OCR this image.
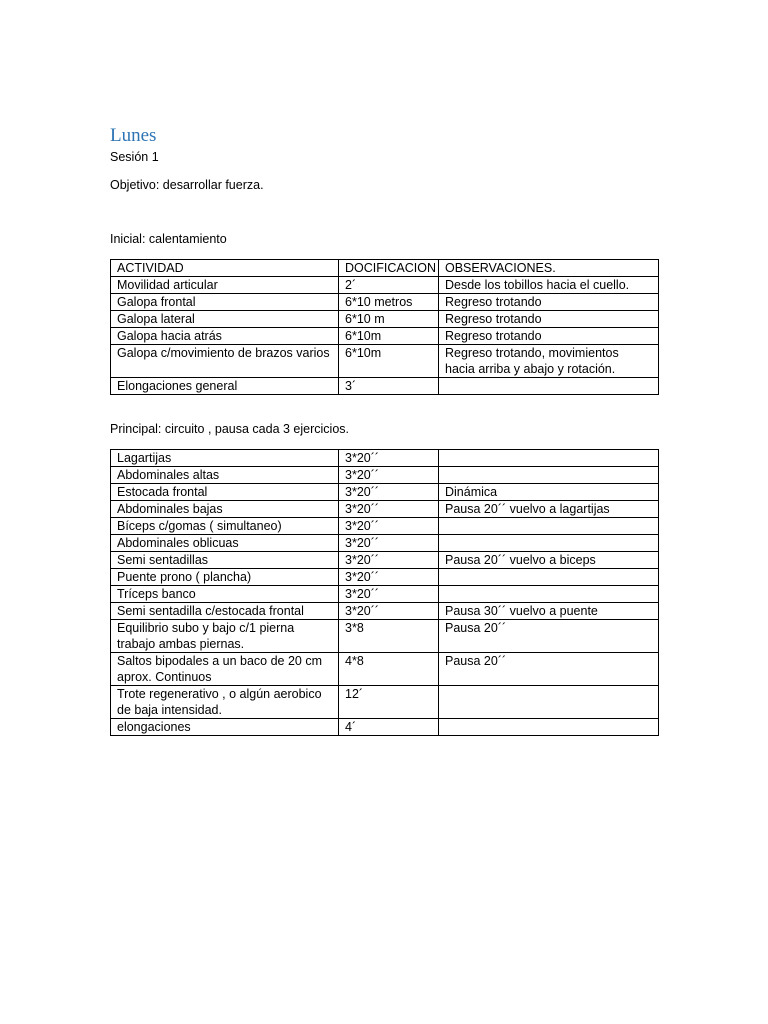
Lunes
Sesión 1
Objetivo: desarrollar fuerza.
Inicial: calentamiento
ACTIVIDAD	DOCIFICACION	OBSERVACIONES.
Movilidad articular	2´	Desde los tobillos hacia el cuello.
Galopa frontal	6*10 metros	Regreso trotando
Galopa lateral	6*10 m	Regreso trotando
Galopa hacia atrás	6*10m	Regreso trotando
Galopa c/movimiento de brazos varios	6*10m	Regreso trotando, movimientos hacia arriba y abajo y rotación.
Elongaciones general	3´	
Principal: circuito , pausa cada 3 ejercicios.
Lagartijas	3*20´´	
Abdominales altas	3*20´´	
Estocada frontal	3*20´´	Dinámica
Abdominales bajas	3*20´´	Pausa 20´´ vuelvo a lagartijas
Bíceps c/gomas ( simultaneo)	3*20´´	
Abdominales oblicuas	3*20´´	
Semi sentadillas	3*20´´	Pausa 20´´ vuelvo a biceps
Puente prono ( plancha)	3*20´´	
Tríceps banco	3*20´´	
Semi sentadilla c/estocada frontal	3*20´´	Pausa 30´´ vuelvo a puente
Equilibrio subo y bajo c/1 pierna trabajo ambas piernas.	3*8	Pausa 20´´
Saltos bipodales a un baco de 20 cm aprox. Continuos	4*8	Pausa 20´´
Trote regenerativo , o algún aerobico de baja intensidad.	12´	
elongaciones	4´	
